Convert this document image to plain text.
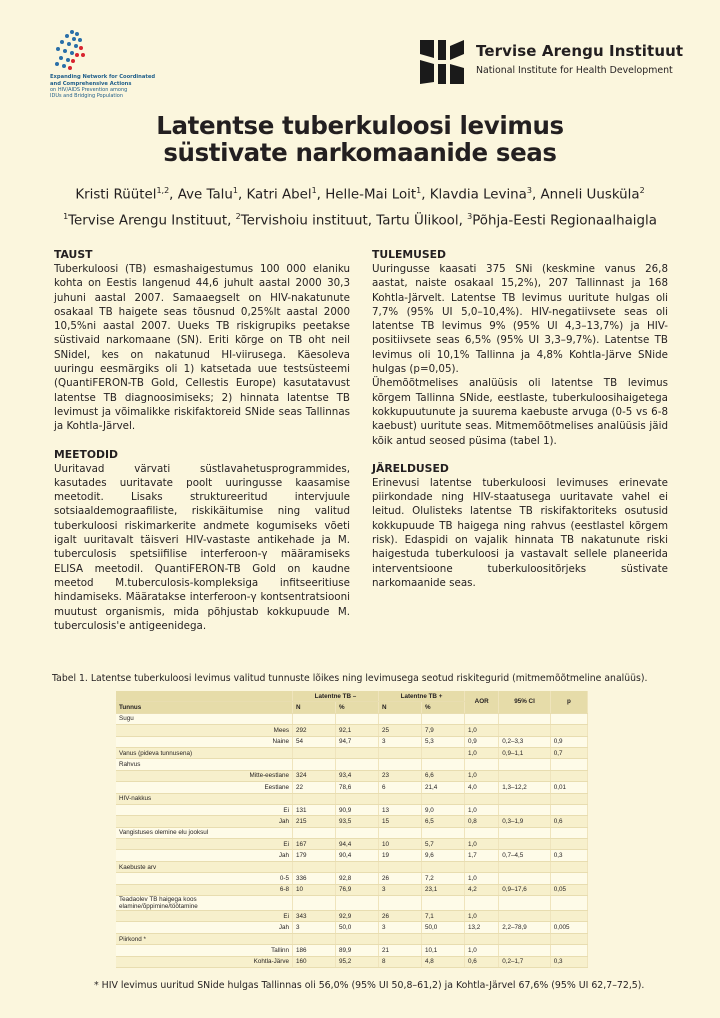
Expanding Network for Coordinated
and Comprehensive Actions
on HIV/AIDS Prevention among
IDUs and Bridging Population
Tervise Arengu Instituut
National Institute for Health Development
Latentse tuberkuloosi levimus
süstivate narkomaanide seas
Kristi Rüütel$^{1,2}$, Ave Talu$^1$, Katri Abel$^1$, Helle-Mai Loit$^1$, Klavdia Levina$^3$, Anneli Uusküla$^2$
$^1$Tervise Arengu Instituut, $^2$Tervishoiu instituut, Tartu Ülikool, $^3$Põhja-Eesti Regionaalhaigla
TAUST

Tuberkuloosi (TB) esmashaigestumus 100 000 elaniku kohta on Eestis langenud 44,6 juhult aastal 2000 30,3 juhuni aastal 2007. Samaaegselt on HIV-nakatunute osakaal TB haigete seas tõusnud 0,25%lt aastal 2000 10,5%ni aastal 2007. Uueks TB riskigrupiks peetakse süstivaid narkomaane (SN). Eriti kõrge on TB oht neil SNidel, kes on nakatunud HI-viirusega. Käesoleva uuringu eesmärgiks oli 1) katsetada uue testsüsteemi (QuantiFERON-TB Gold, Cellestis Europe) kasutatavust latentse TB diagnoosimiseks; 2) hinnata latentse TB levimust ja võimalikke riskifaktoreid SNide seas Tallinnas ja Kohtla-Järvel.

MEETODID

Uuritavad värvati süstlavahetusprogrammides, kasutades uuritavate poolt uuringusse kaasamise meetodit. Lisaks struktureeritud intervjuule sotsiaaldemograafiliste, riskikäitumise ning valitud tuberkuloosi riskimarkerite andmete kogumiseks võeti igalt uuritavalt täisveri HIV-vastaste antikehade ja M. tuberculosis spetsiifilise interferoon-γ määramiseks ELISA meetodil. QuantiFERON-TB Gold on kaudne meetod M.tuberculosis-kompleksiga infitseeritiuse hindamiseks. Määratakse interferoon-γ kontsentratsiooni muutust organismis, mida põhjustab kokkupuude M. tuberculosis'e antigeenidega.

TULEMUSED

Uuringusse kaasati 375 SNi (keskmine vanus 26,8 aastat, naiste osakaal 15,2%), 207 Tallinnast ja 168 Kohtla-Järvelt. Latentse TB levimus uuritute hulgas oli 7,7% (95% UI 5,0–10,4%). HIV-negatiivsete seas oli latentse TB levimus 9% (95% UI 4,3–13,7%) ja HIV-positiivsete seas 6,5% (95% UI 3,3–9,7%). Latentse TB levimus oli 10,1% Tallinna ja 4,8% Kohtla-Järve SNide hulgas (p=0,05).

Ühemõõtmelises analüüsis oli latentse TB levimus kõrgem Tallinna SNide, eestlaste, tuberkuloosihaigetega kokkupuutunute ja suurema kaebuste arvuga (0-5 vs 6-8 kaebust) uuritute seas. Mitmemõõtmelises analüüsis jäid kõik antud seosed püsima (tabel 1).

JÄRELDUSED

Erinevusi latentse tuberkuloosi levimuses erinevate piirkondade ning HIV-staatusega uuritavate vahel ei leitud. Olulisteks latentse TB riskifaktoriteks osutusid kokkupuude TB haigega ning rahvus (eestlastel kõrgem risk). Edaspidi on vajalik hinnata TB nakatunute riski haigestuda tuberkuloosi ja vastavalt sellele planeerida interventsioone tuberkuloositõrjeks süstivate narkomaanide seas.

Tabel 1. Latentse tuberkuloosi levimus valitud tunnuste lõikes ning levimusega seotud riskitegurid (mitmemõõtmeline analüüs).
	Latentne TB –		Latentne TB +		AOR	95% CI	p
Tunnus	N	%	N	%			

Sugu							

Mees	292	92,1	25	7,9	1,0		
Naine	54	94,7	3	5,3	0,9	0,2–3,3	0,9

Vanus (pideva tunnusena)					1,0	0,9–1,1	0,7

Rahvus							

Mitte-eestlane	324	93,4	23	6,6	1,0		
Eestlane	22	78,6	6	21,4	4,0	1,3–12,2	0,01

HIV-nakkus							

Ei	131	90,9	13	9,0	1,0		
Jah	215	93,5	15	6,5	0,8	0,3–1,9	0,6

Vangistuses olemine elu jooksul							

Ei	167	94,4	10	5,7	1,0		
Jah	179	90,4	19	9,6	1,7	0,7–4,5	0,3

Kaebuste arv							

0-5	336	92,8	26	7,2	1,0		
6-8	10	76,9	3	23,1	4,2	0,9–17,6	0,05

Teadaolev TB haigega koos
elamine/õppimine/töötamine							

Ei	343	92,9	26	7,1	1,0		
Jah	3	50,0	3	50,0	13,2	2,2–78,9	0,005

Piirkond *							

Tallinn	186	89,9	21	10,1	1,0		
Kohtla-Järve	160	95,2	8	4,8	0,6	0,2–1,7	0,3
* HIV levimus uuritud SNide hulgas Tallinnas oli 56,0% (95% UI 50,8–61,2) ja Kohtla-Järvel 67,6% (95% UI 62,7–72,5).
